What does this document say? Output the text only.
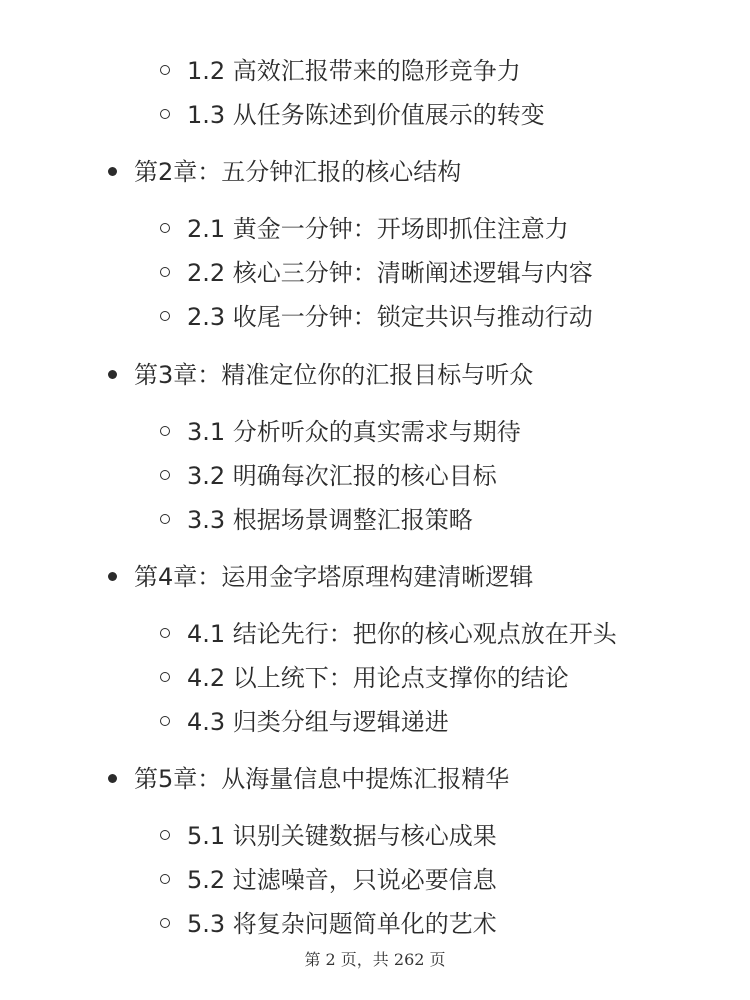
1.2 高效汇报带来的隐形竞争力
1.3 从任务陈述到价值展示的转变
第2章：五分钟汇报的核心结构
2.1 黄金一分钟：开场即抓住注意力
2.2 核心三分钟：清晰阐述逻辑与内容
2.3 收尾一分钟：锁定共识与推动行动
第3章：精准定位你的汇报目标与听众
3.1 分析听众的真实需求与期待
3.2 明确每次汇报的核心目标
3.3 根据场景调整汇报策略
第4章：运用金字塔原理构建清晰逻辑
4.1 结论先行：把你的核心观点放在开头
4.2 以上统下：用论点支撑你的结论
4.3 归类分组与逻辑递进
第5章：从海量信息中提炼汇报精华
5.1 识别关键数据与核心成果
5.2 过滤噪音，只说必要信息
5.3 将复杂问题简单化的艺术
第 2 页，共 262 页
